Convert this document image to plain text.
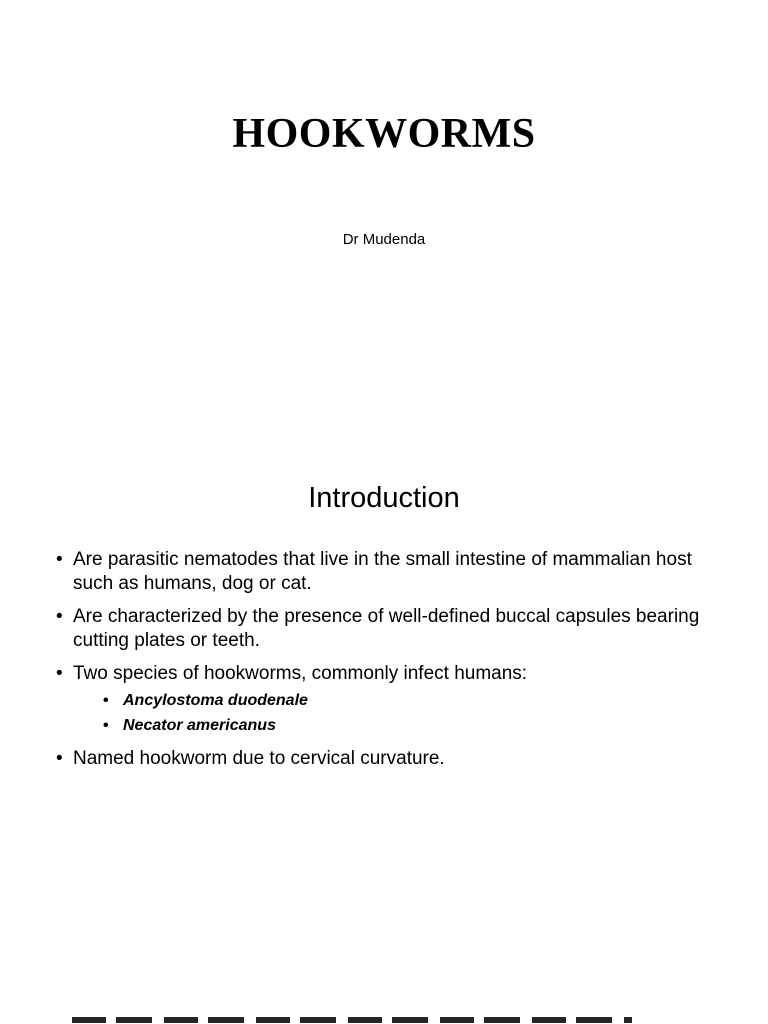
HOOKWORMS
Dr Mudenda
Introduction
• Are parasitic nematodes that live in the small intestine of mammalian host such as humans, dog or cat.
• Are characterized by the presence of well-defined buccal capsules bearing cutting plates or teeth.
• Two species of hookworms, commonly infect humans:
• Ancylostoma duodenale
• Necator americanus
• Named hookworm due to cervical curvature.
